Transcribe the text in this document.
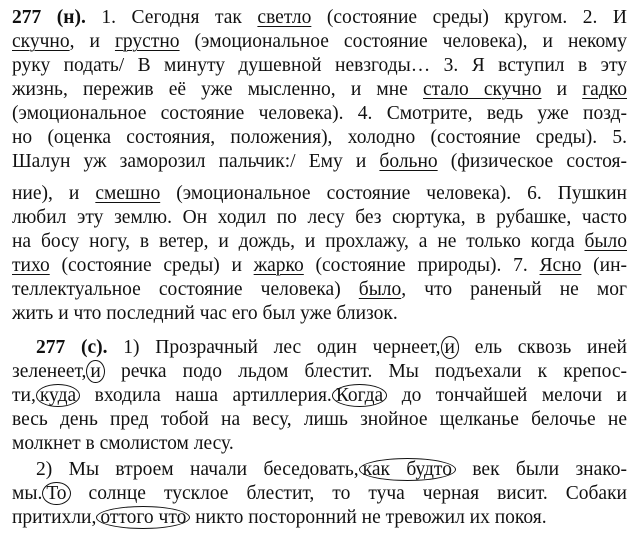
277 (н). 1. Сегодня так светло (состояние среды) кругом. 2. И
скучно, и грустно (эмоциональное состояние человека), и некому
руку подать/ В минуту душевной невзгоды… 3. Я вступил в эту
жизнь, пережив её уже мысленно, и мне стало скучно и гадко
(эмоциональное состояние человека). 4. Смотрите, ведь уже позд-
но (оценка состояния, положения), холодно (состояние среды). 5.
Шалун уж заморозил пальчик:/ Ему и больно (физическое состоя-
ние), и смешно (эмоциональное состояние человека). 6. Пушкин
любил эту землю. Он ходил по лесу без сюртука, в рубашке, часто
на босу ногу, в ветер, и дождь, и прохлажу, а не только когда было
тихо (состояние среды) и жарко (состояние природы). 7. Ясно (ин-
теллектуальное состояние человека) было, что раненый не мог
жить и что последний час его был уже близок.
277 (с). 1) Прозрачный лес один чернеет, и ель сквозь иней
зеленеет, и речка подо льдом блестит. Мы подъехали к крепос-
ти, куда входила наша артиллерия. Когда до тончайшей мелочи и
весь день пред тобой на весу, лишь знойное щелканье белочье не
молкнет в смолистом лесу.
2) Мы втроем начали беседовать, как будто век были знако-
мы. То солнце тусклое блестит, то туча черная висит. Собаки
притихли, оттого что никто посторонний не тревожил их покоя.
